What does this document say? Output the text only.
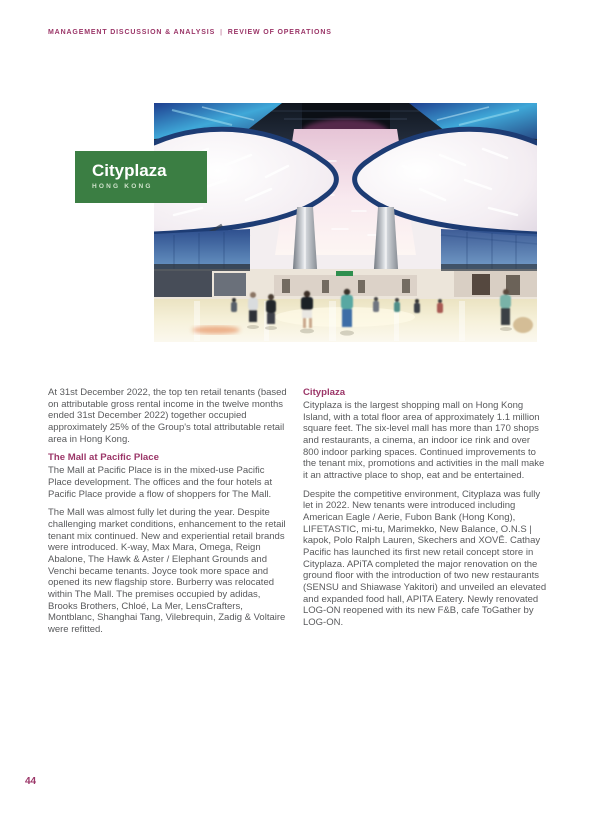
MANAGEMENT DISCUSSION & ANALYSIS | REVIEW OF OPERATIONS
Cityplaza
HONG KONG

At 31st December 2022, the top ten retail tenants (based on attributable gross rental income in the twelve months ended 31st December 2022) together occupied approximately 25% of the Group's total attributable retail area in Hong Kong.

The Mall at Pacific Place

The Mall at Pacific Place is in the mixed-use Pacific Place development. The offices and the four hotels at Pacific Place provide a flow of shoppers for The Mall.

The Mall was almost fully let during the year. Despite challenging market conditions, enhancement to the retail tenant mix continued. New and experiential retail brands were introduced. K-way, Max Mara, Omega, Reign Abalone, The Hawk & Aster / Elephant Grounds and Venchi became tenants. Joyce took more space and opened its new flagship store. Burberry was relocated within The Mall. The premises occupied by adidas, Brooks Brothers, Chloé, La Mer, LensCrafters, Montblanc, Shanghai Tang, Vilebrequin, Zadig & Voltaire were refitted.

Cityplaza

Cityplaza is the largest shopping mall on Hong Kong Island, with a total floor area of approximately 1.1 million square feet. The six-level mall has more than 170 shops and restaurants, a cinema, an indoor ice rink and over 800 indoor parking spaces. Continued improvements to the tenant mix, promotions and activities in the mall make it an attractive place to shop, eat and be entertained.

Despite the competitive environment, Cityplaza was fully let in 2022. New tenants were introduced including American Eagle / Aerie, Fubon Bank (Hong Kong), LIFETASTIC, mi-tu, Marimekko, New Balance, O.N.S | kapok, Polo Ralph Lauren, Skechers and XOVĒ. Cathay Pacific has launched its first new retail concept store in Cityplaza. APiTA completed the major renovation on the ground floor with the introduction of two new restaurants (SENSU and Shiawase Yakitori) and unveiled an elevated and expanded food hall, APITA Eatery. Newly renovated LOG-ON reopened with its new F&B, cafe ToGather by LOG-ON.

44
